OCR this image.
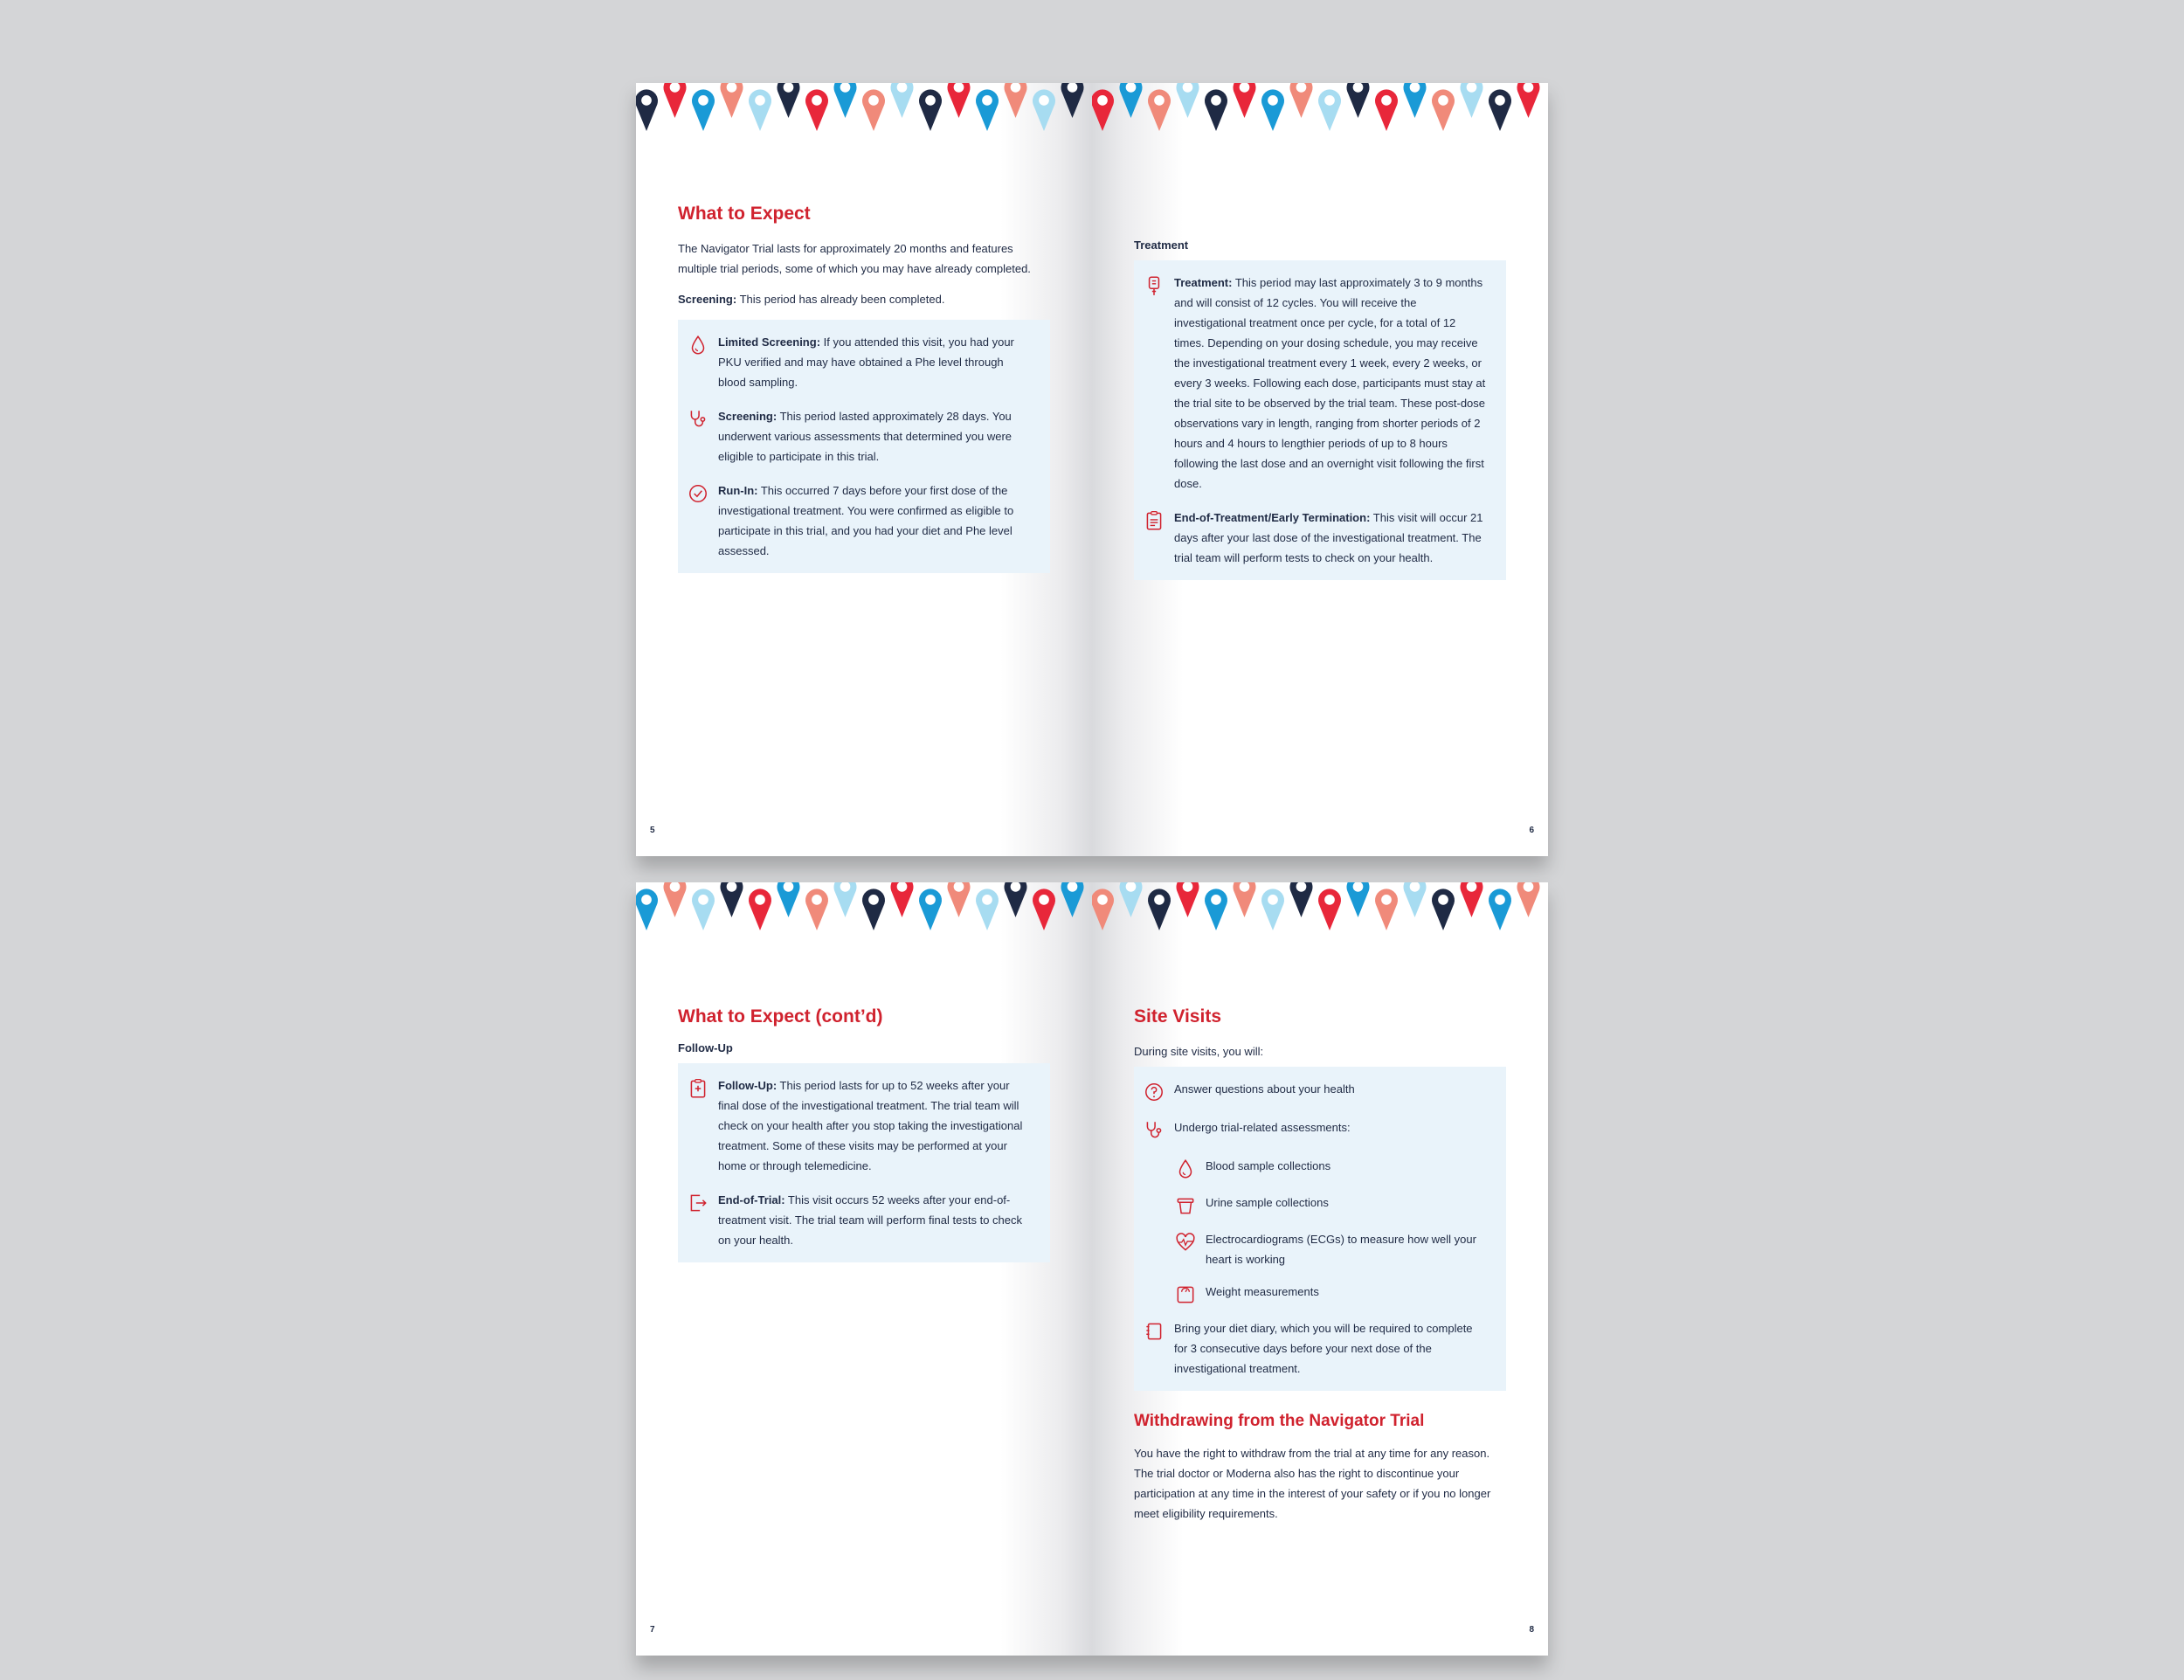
What to Expect
The Navigator Trial lasts for approximately 20 months and features multiple trial periods, some of which you may have already completed.
Screening: This period has already been completed.
Limited Screening: If you attended this visit, you had your PKU verified and may have obtained a Phe level through blood sampling.
Screening: This period lasted approximately 28 days. You underwent various assessments that determined you were eligible to participate in this trial.
Run-In: This occurred 7 days before your first dose of the investigational treatment. You were confirmed as eligible to participate in this trial, and you had your diet and Phe level assessed.
5
Treatment
Treatment: This period may last approximately 3 to 9 months and will consist of 12 cycles. You will receive the investigational treatment once per cycle, for a total of 12 times. Depending on your dosing schedule, you may receive the investigational treatment every 1 week, every 2 weeks, or every 3 weeks. Following each dose, participants must stay at the trial site to be observed by the trial team. These post-dose observations vary in length, ranging from shorter periods of 2 hours and 4 hours to lengthier periods of up to 8 hours following the last dose and an overnight visit following the first dose.
End-of-Treatment/Early Termination: This visit will occur 21 days after your last dose of the investigational treatment. The trial team will perform tests to check on your health.
6
What to Expect (cont’d)
Follow-Up
Follow-Up: This period lasts for up to 52 weeks after your final dose of the investigational treatment. The trial team will check on your health after you stop taking the investigational treatment. Some of these visits may be performed at your home or through telemedicine.
End-of-Trial: This visit occurs 52 weeks after your end-of-treatment visit. The trial team will perform final tests to check on your health.
7
Site Visits
During site visits, you will:
Answer questions about your health
Undergo trial-related assessments:
Blood sample collections
Urine sample collections
Electrocardiograms (ECGs) to measure how well your heart is working
Weight measurements
Bring your diet diary, which you will be required to complete for 3 consecutive days before your next dose of the investigational treatment.
Withdrawing from the Navigator Trial
You have the right to withdraw from the trial at any time for any reason. The trial doctor or Moderna also has the right to discontinue your participation at any time in the interest of your safety or if you no longer meet eligibility requirements.
8
